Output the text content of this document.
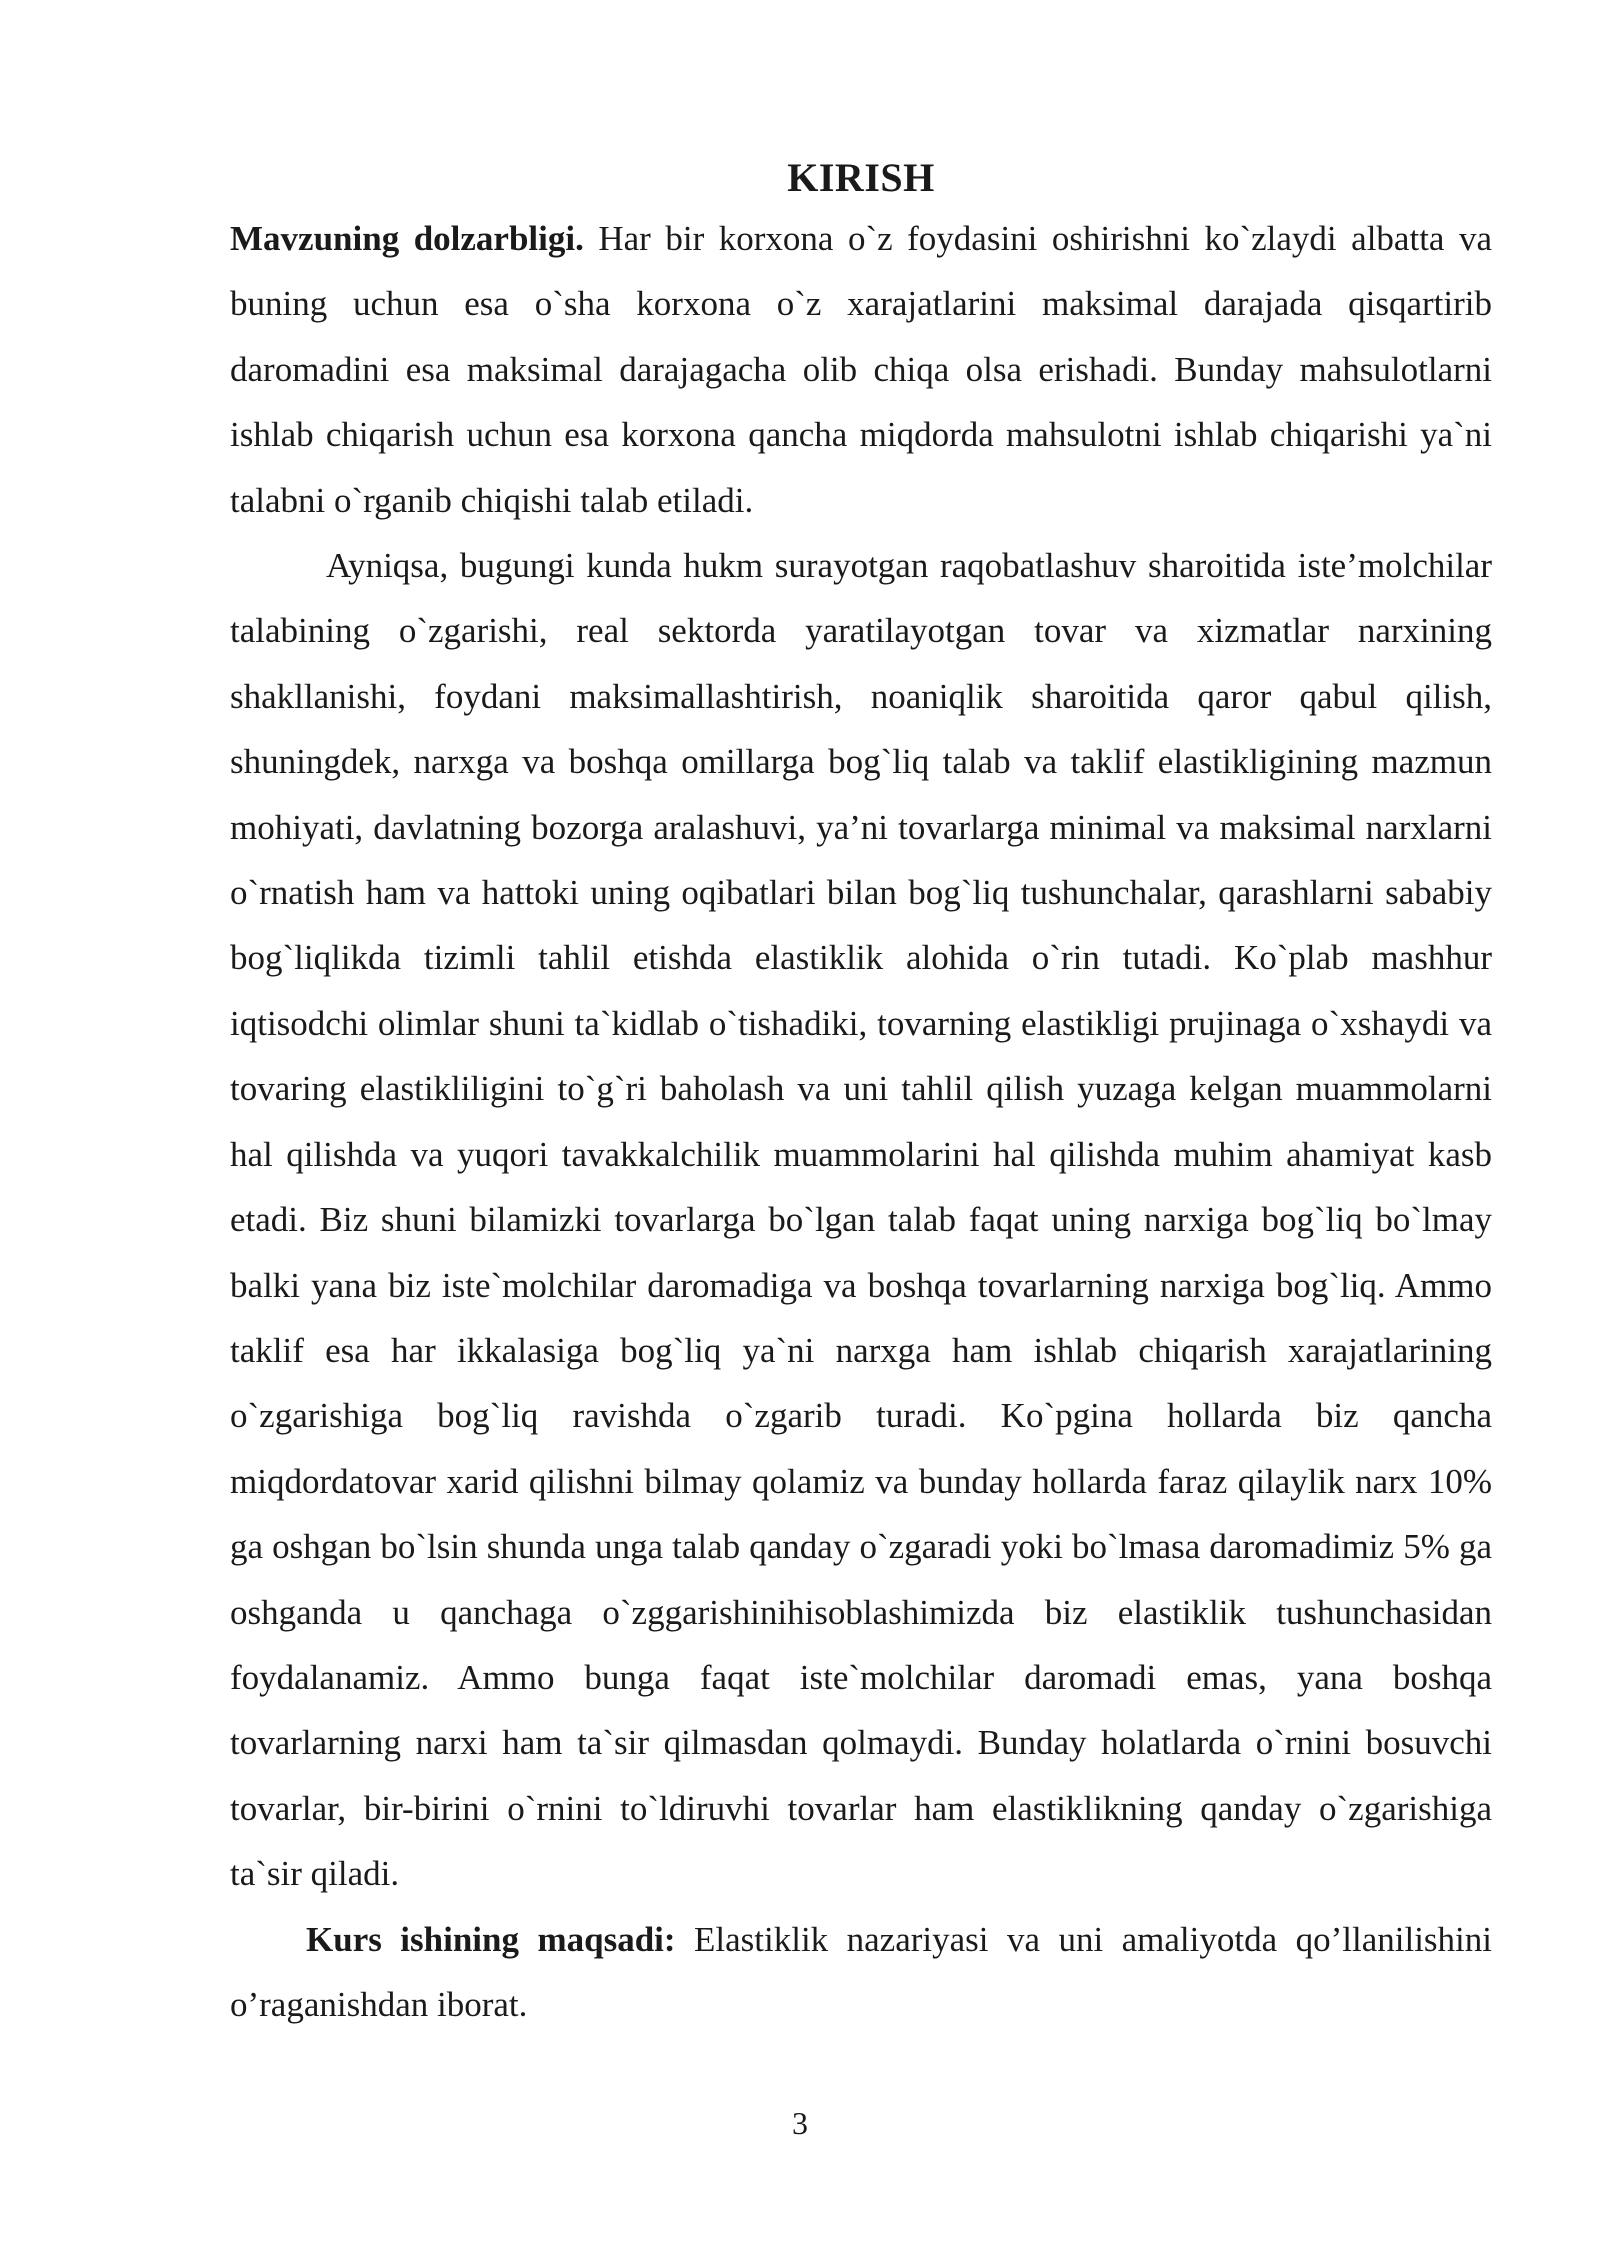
KIRISH

Mavzuning dolzarbligi. Har bir korxona o`z foydasini oshirishni ko`zlaydi albatta va buning uchun esa o`sha korxona o`z xarajatlarini maksimal darajada qisqartirib daromadini esa maksimal darajagacha olib chiqa olsa erishadi. Bunday mahsulotlarni ishlab chiqarish uchun esa korxona qancha miqdorda mahsulotni ishlab chiqarishi ya`ni talabni o`rganib chiqishi talab etiladi.

Ayniqsa, bugungi kunda hukm surayotgan raqobatlashuv sharoitida iste’molchilar talabining o`zgarishi, real sektorda yaratilayotgan tovar va xizmatlar narxining shakllanishi, foydani maksimallashtirish, noaniqlik sharoitida qaror qabul qilish, shuningdek, narxga va boshqa omillarga bog`liq talab va taklif elastikligining mazmun mohiyati, davlatning bozorga aralashuvi, ya’ni tovarlarga minimal va maksimal narxlarni o`rnatish ham va hattoki uning oqibatlari bilan bog`liq tushunchalar, qarashlarni sababiy bog`liqlikda tizimli tahlil etishda elastiklik alohida o`rin tutadi. Ko`plab mashhur iqtisodchi olimlar shuni ta`kidlab o`tishadiki, tovarning elastikligi prujinaga o`xshaydi va tovaring elastikliligini to`g`ri baholash va uni tahlil qilish yuzaga kelgan muammolarni hal qilishda va yuqori tavakkalchilik muammolarini hal qilishda muhim ahamiyat kasb etadi. Biz shuni bilamizki tovarlarga bo`lgan talab faqat uning narxiga bog`liq bo`lmay balki yana biz iste`molchilar daromadiga va boshqa tovarlarning narxiga bog`liq. Ammo taklif esa har ikkalasiga bog`liq ya`ni narxga ham ishlab chiqarish xarajatlarining o`zgarishiga bog`liq ravishda o`zgarib turadi. Ko`pgina hollarda biz qancha miqdordatovar xarid qilishni bilmay qolamiz va bunday hollarda faraz qilaylik narx 10% ga oshgan bo`lsin shunda unga talab qanday o`zgaradi yoki bo`lmasa daromadimiz 5% ga oshganda u qanchaga o`zggarishinihisoblashimizda biz elastiklik tushunchasidan foydalanamiz. Ammo bunga faqat iste`molchilar daromadi emas, yana boshqa tovarlarning narxi ham ta`sir qilmasdan qolmaydi. Bunday holatlarda o`rnini bosuvchi tovarlar, bir-birini o`rnini to`ldiruvhi tovarlar ham elastiklikning qanday o`zgarishiga ta`sir qiladi.

Kurs ishining maqsadi: Elastiklik nazariyasi va uni amaliyotda qo’llanilishini o’raganishdan iborat.

3
